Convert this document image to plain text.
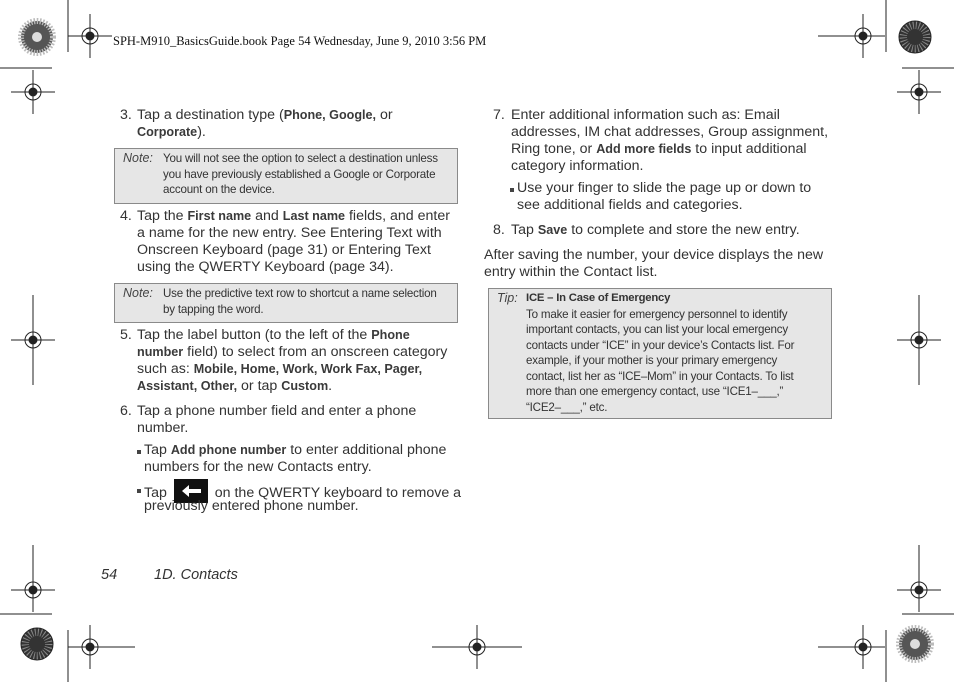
SPH-M910_BasicsGuide.book Page 54 Wednesday, June 9, 2010 3:56 PM
3. Tap a destination type (Phone, Google, or
Corporate).
Note: You will not see the option to select a destination unless
you have previously established a Google or Corporate
account on the device.
4. Tap the First name and Last name fields, and enter
a name for the new entry. See Entering Text with
Onscreen Keyboard (page 31) or Entering Text
using the QWERTY Keyboard (page 34).
Note: Use the predictive text row to shortcut a name selection
by tapping the word.
5. Tap the label button (to the left of the Phone
number field) to select from an onscreen category
such as: Mobile, Home, Work, Work Fax, Pager,
Assistant, Other, or tap Custom.
6. Tap a phone number field and enter a phone
number.
Tap Add phone number to enter additional phone
numbers for the new Contacts entry.
Tap	on the QWERTY keyboard to remove a
previously entered phone number.
7. Enter additional information such as: Email
addresses, IM chat addresses, Group assignment,
Ring tone, or Add more fields to input additional
category information.
Use your finger to slide the page up or down to
see additional fields and categories.
8. Tap Save to complete and store the new entry.
After saving the number, your device displays the new
entry within the Contact list.
Tip: ICE – In Case of Emergency
To make it easier for emergency personnel to identify
important contacts, you can list your local emergency
contacts under “ICE” in your device’s Contacts list. For
example, if your mother is your primary emergency
contact, list her as “ICE–Mom” in your Contacts. To list
more than one emergency contact, use “ICE1–___,”
“ICE2–___,” etc.
54	1D. Contacts
